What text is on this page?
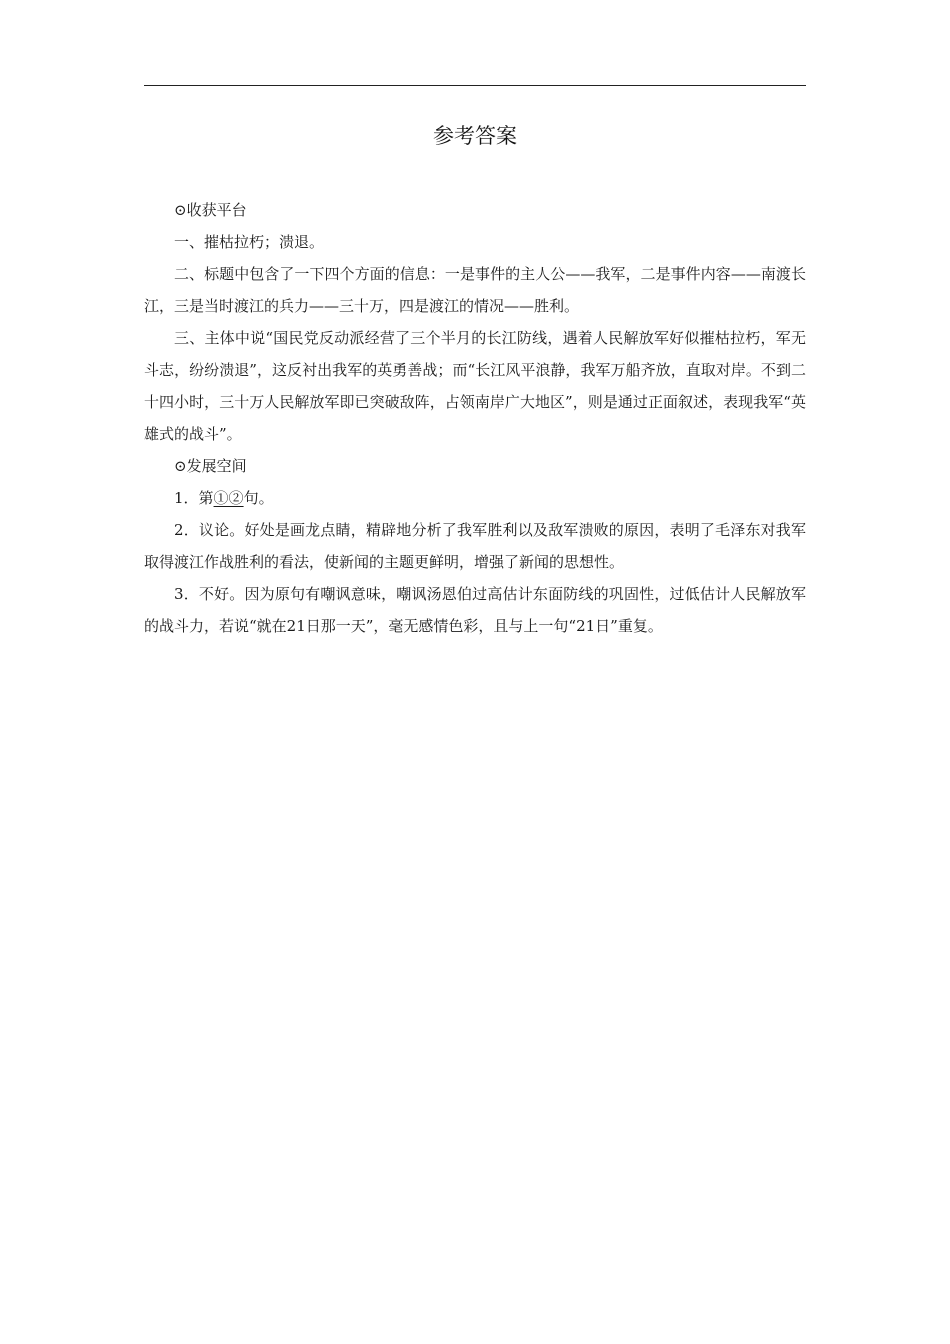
参考答案

⊙收获平台

一、摧枯拉朽；溃退。

二、标题中包含了一下四个方面的信息：一是事件的主人公——我军，二是事件内容——南渡长江，三是当时渡江的兵力——三十万，四是渡江的情况——胜利。

三、主体中说“国民党反动派经营了三个半月的长江防线，遇着人民解放军好似摧枯拉朽，军无斗志，纷纷溃退”，这反衬出我军的英勇善战；而“长江风平浪静，我军万船齐放，直取对岸。不到二十四小时，三十万人民解放军即已突破敌阵，占领南岸广大地区”，则是通过正面叙述，表现我军“英雄式的战斗”。

⊙发展空间

1．第①②句。

2．议论。好处是画龙点睛，精辟地分析了我军胜利以及敌军溃败的原因，表明了毛泽东对我军取得渡江作战胜利的看法，使新闻的主题更鲜明，增强了新闻的思想性。

3．不好。因为原句有嘲讽意味，嘲讽汤恩伯过高估计东面防线的巩固性，过低估计人民解放军的战斗力，若说“就在21日那一天”，毫无感情色彩，且与上一句“21日”重复。
